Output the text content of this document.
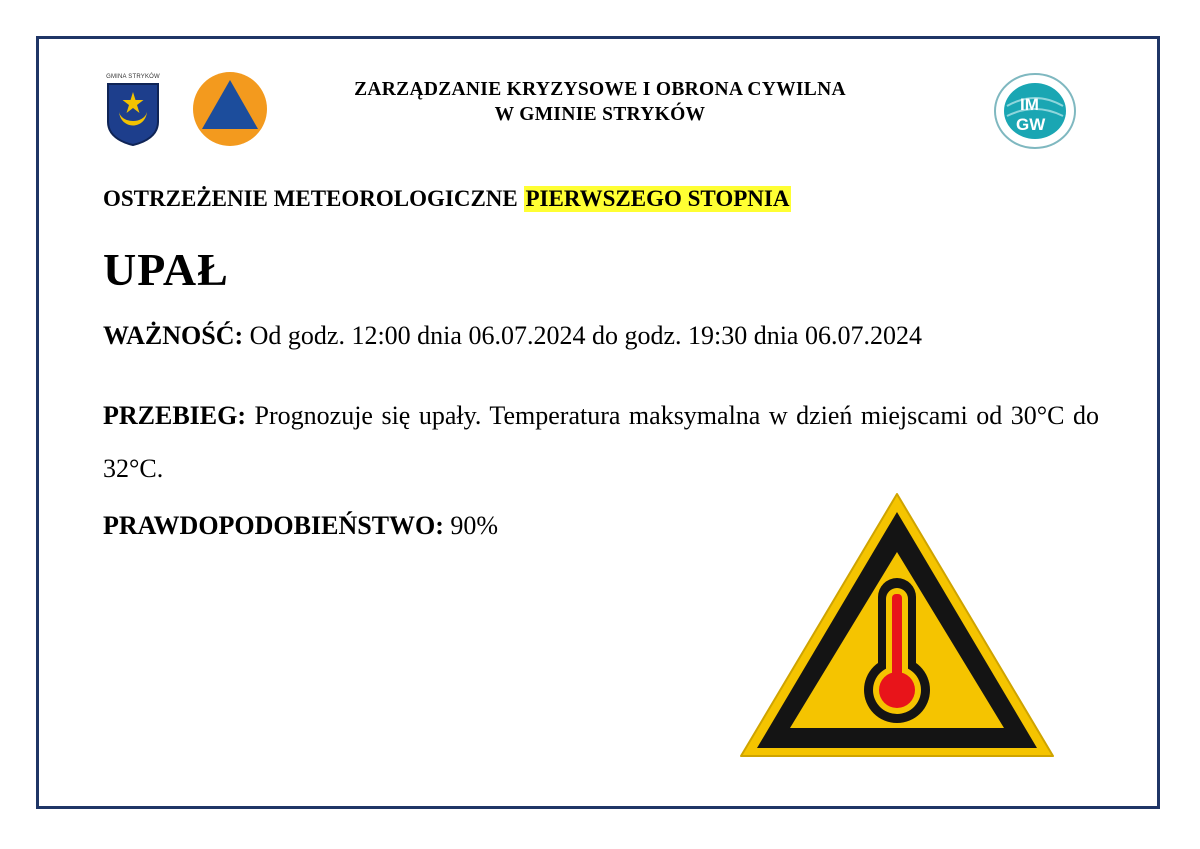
GMINA STRYKÓW
ZARZĄDZANIE KRYZYSOWE I OBRONA CYWILNA
W GMINIE STRYKÓW	IM
GW
OSTRZEŻENIE METEOROLOGICZNE PIERWSZEGO STOPNIA
UPAŁ
WAŻNOŚĆ: Od godz. 12:00 dnia 06.07.2024 do godz. 19:30 dnia 06.07.2024
PRZEBIEG: Prognozuje się upały. Temperatura maksymalna w dzień miejscami od 30°C do 32°C.
PRAWDOPODOBIEŃSTWO: 90%
